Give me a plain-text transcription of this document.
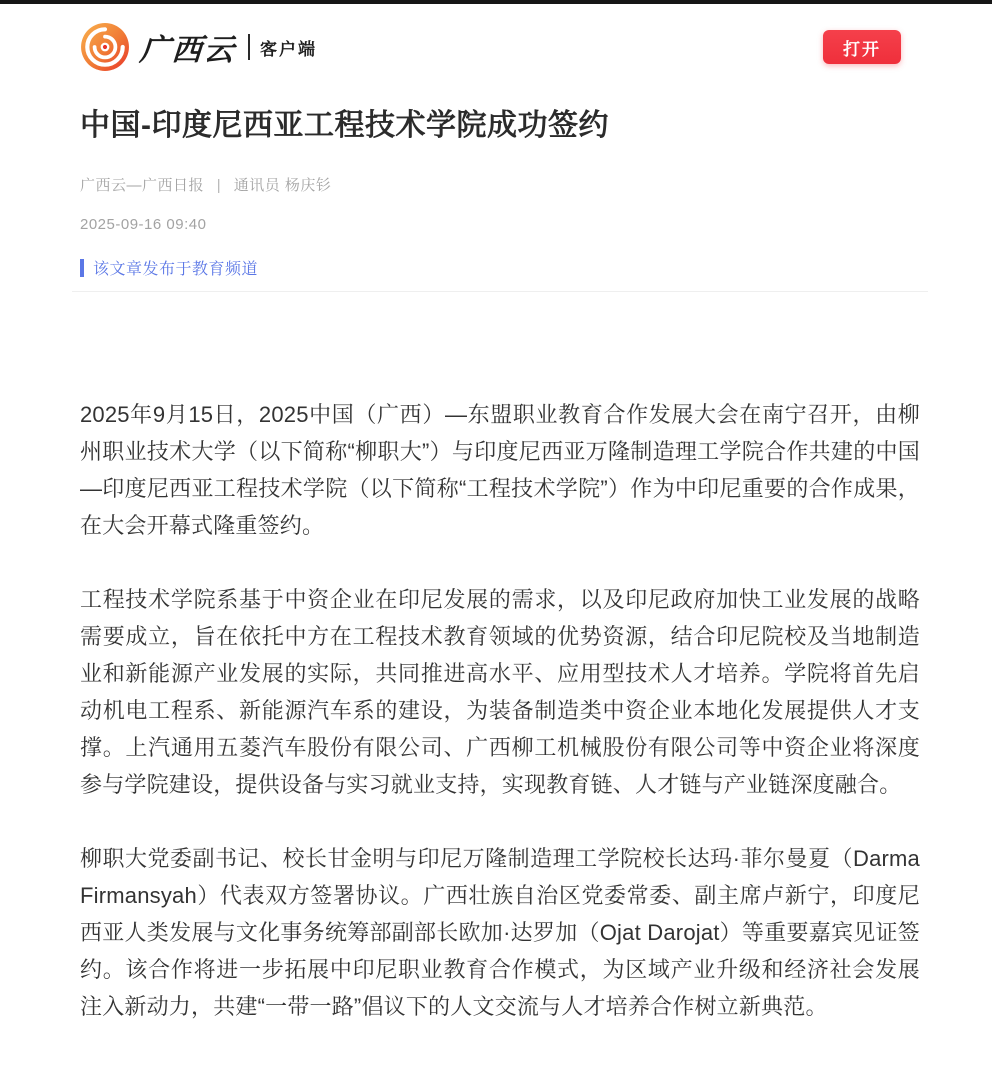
广西云 客户端	打开
中国-印度尼西亚工程技术学院成功签约
广西云—广西日报 | 通讯员 杨庆钐
2025-09-16 09:40
该文章发布于教育频道

2025年9月15日，2025中国（广西）—东盟职业教育合作发展大会在南宁召开，由柳州职业技术大学（以下简称“柳职大”）与印度尼西亚万隆制造理工学院合作共建的中国—印度尼西亚工程技术学院（以下简称“工程技术学院”）作为中印尼重要的合作成果，在大会开幕式隆重签约。

工程技术学院系基于中资企业在印尼发展的需求，以及印尼政府加快工业发展的战略需要成立，旨在依托中方在工程技术教育领域的优势资源，结合印尼院校及当地制造业和新能源产业发展的实际，共同推进高水平、应用型技术人才培养。学院将首先启动机电工程系、新能源汽车系的建设，为装备制造类中资企业本地化发展提供人才支撑。上汽通用五菱汽车股份有限公司、广西柳工机械股份有限公司等中资企业将深度参与学院建设，提供设备与实习就业支持，实现教育链、人才链与产业链深度融合。

柳职大党委副书记、校长甘金明与印尼万隆制造理工学院校长达玛·菲尔曼夏（Darma Firmansyah）代表双方签署协议。广西壮族自治区党委常委、副主席卢新宁，印度尼西亚人类发展与文化事务统筹部副部长欧加·达罗加（Ojat Darojat）等重要嘉宾见证签约。该合作将进一步拓展中印尼职业教育合作模式，为区域产业升级和经济社会发展注入新动力，共建“一带一路”倡议下的人文交流与人才培养合作树立新典范。
